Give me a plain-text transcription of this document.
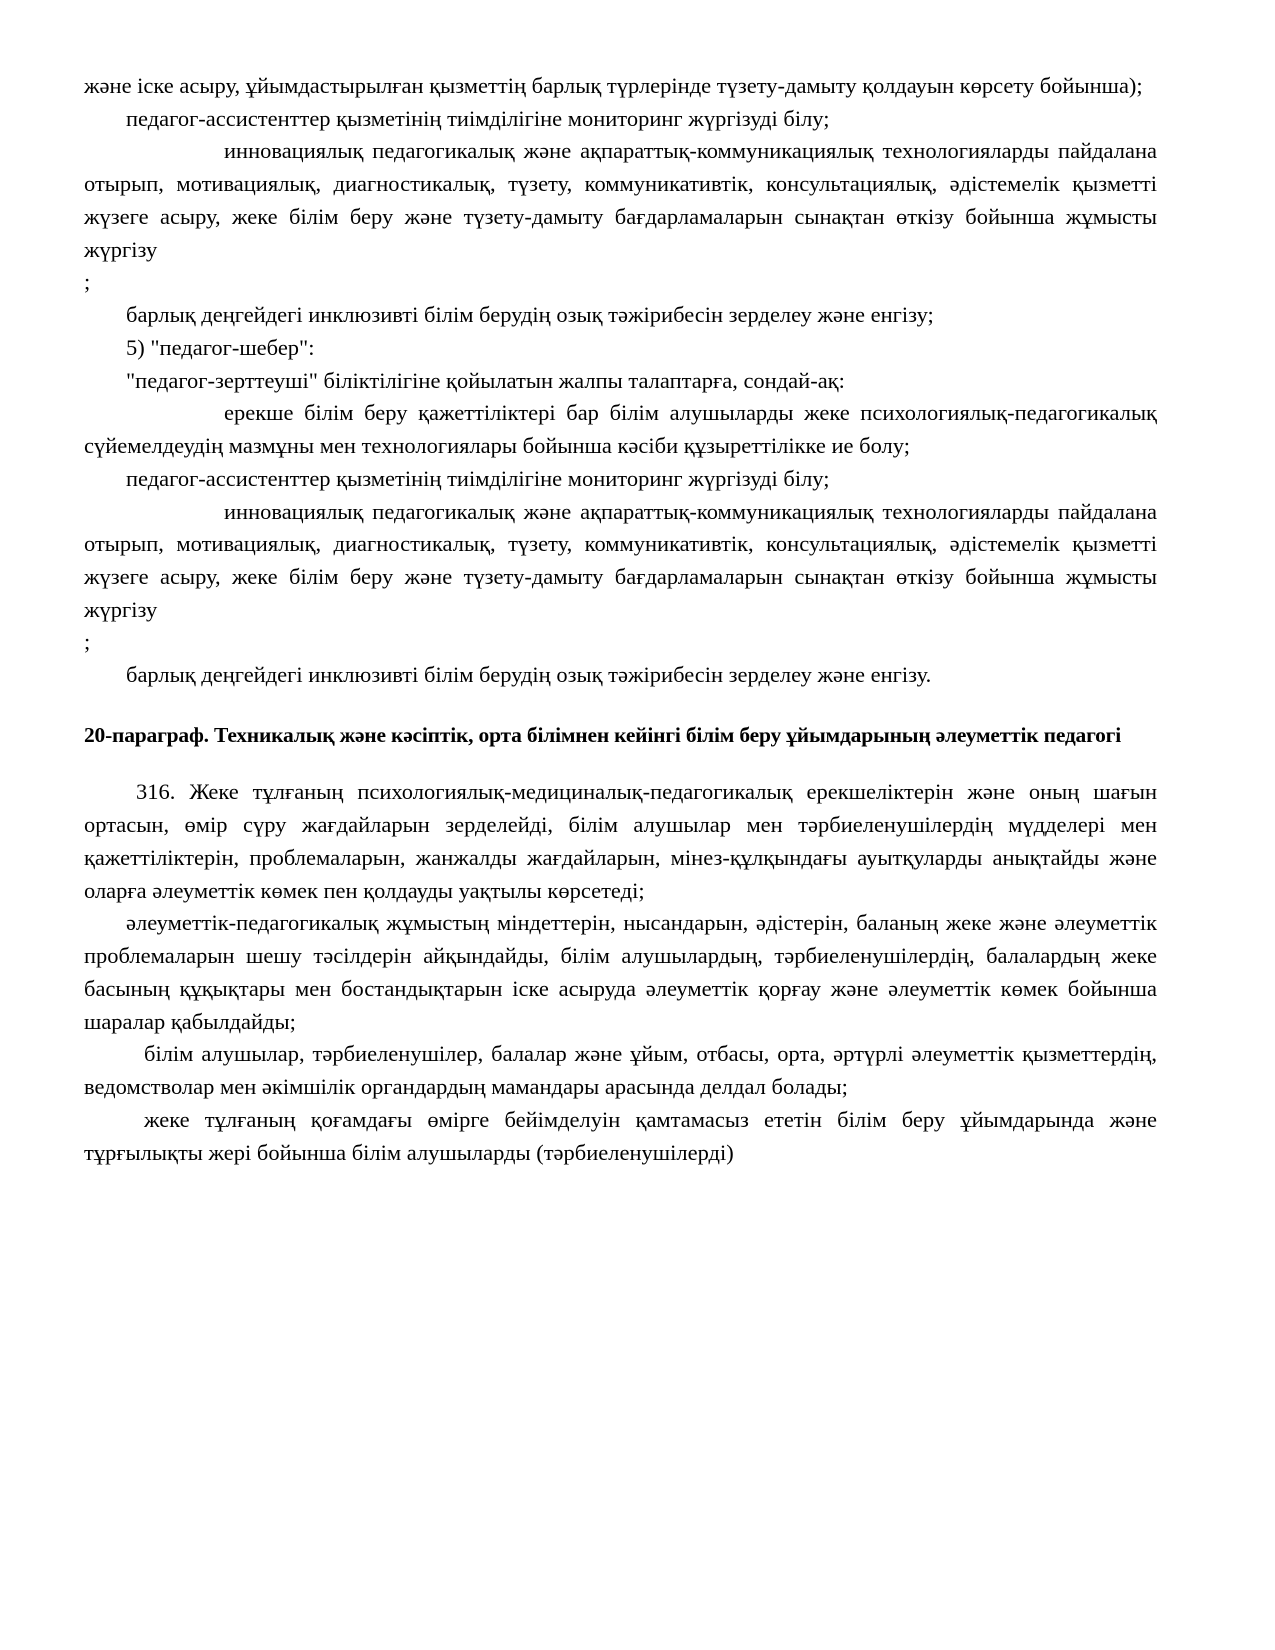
және іске асыру, ұйымдастырылған қызметтің барлық түрлерінде түзету-дамыту қолдауын көрсету бойынша);

педагог-ассистенттер қызметінің тиімділігіне мониторинг жүргізуді білу;

инновациялық педагогикалық және ақпараттық-коммуникациялық технологияларды пайдалана отырып, мотивациялық, диагностикалық, түзету, коммуникативтік, консультациялық, әдістемелік қызметті жүзеге асыру, жеке білім беру және түзету-дамыту бағдарламаларын сынақтан өткізу бойынша жұмысты жүргізу

;

барлық деңгейдегі инклюзивті білім берудің озық тәжірибесін зерделеу және енгізу;

5) "педагог-шебер":

"педагог-зерттеуші" біліктілігіне қойылатын жалпы талаптарға, сондай-ақ:

ерекше білім беру қажеттіліктері бар білім алушыларды жеке психологиялық-педагогикалық сүйемелдеудің мазмұны мен технологиялары бойынша кәсіби құзыреттілікке ие болу;

педагог-ассистенттер қызметінің тиімділігіне мониторинг жүргізуді білу;

инновациялық педагогикалық және ақпараттық-коммуникациялық технологияларды пайдалана отырып, мотивациялық, диагностикалық, түзету, коммуникативтік, консультациялық, әдістемелік қызметті жүзеге асыру, жеке білім беру және түзету-дамыту бағдарламаларын сынақтан өткізу бойынша жұмысты жүргізу

;

барлық деңгейдегі инклюзивті білім берудің озық тәжірибесін зерделеу және енгізу.

20-параграф. Техникалық және кәсіптік, орта білімнен кейінгі білім беру ұйымдарының әлеуметтік педагогі

316. Жеке тұлғаның психологиялық-медициналық-педагогикалық ерекшеліктерін және оның шағын ортасын, өмір сүру жағдайларын зерделейді, білім алушылар мен тәрбиеленушілердің мүдделері мен қажеттіліктерін, проблемаларын, жанжалды жағдайларын, мінез-құлқындағы ауытқуларды анықтайды және оларға әлеуметтік көмек пен қолдауды уақтылы көрсетеді;

әлеуметтік-педагогикалық жұмыстың міндеттерін, нысандарын, әдістерін, баланың жеке және әлеуметтік проблемаларын шешу тәсілдерін айқындайды, білім алушылардың, тәрбиеленушілердің, балалардың жеке басының құқықтары мен бостандықтарын іске асыруда әлеуметтік қорғау және әлеуметтік көмек бойынша шаралар қабылдайды;

білім алушылар, тәрбиеленушілер, балалар және ұйым, отбасы, орта, әртүрлі әлеуметтік қызметтердің, ведомстволар мен әкімшілік органдардың мамандары арасында делдал болады;

жеке тұлғаның қоғамдағы өмірге бейімделуін қамтамасыз ететін білім беру ұйымдарында және тұрғылықты жері бойынша білім алушыларды (тәрбиеленушілерді)
